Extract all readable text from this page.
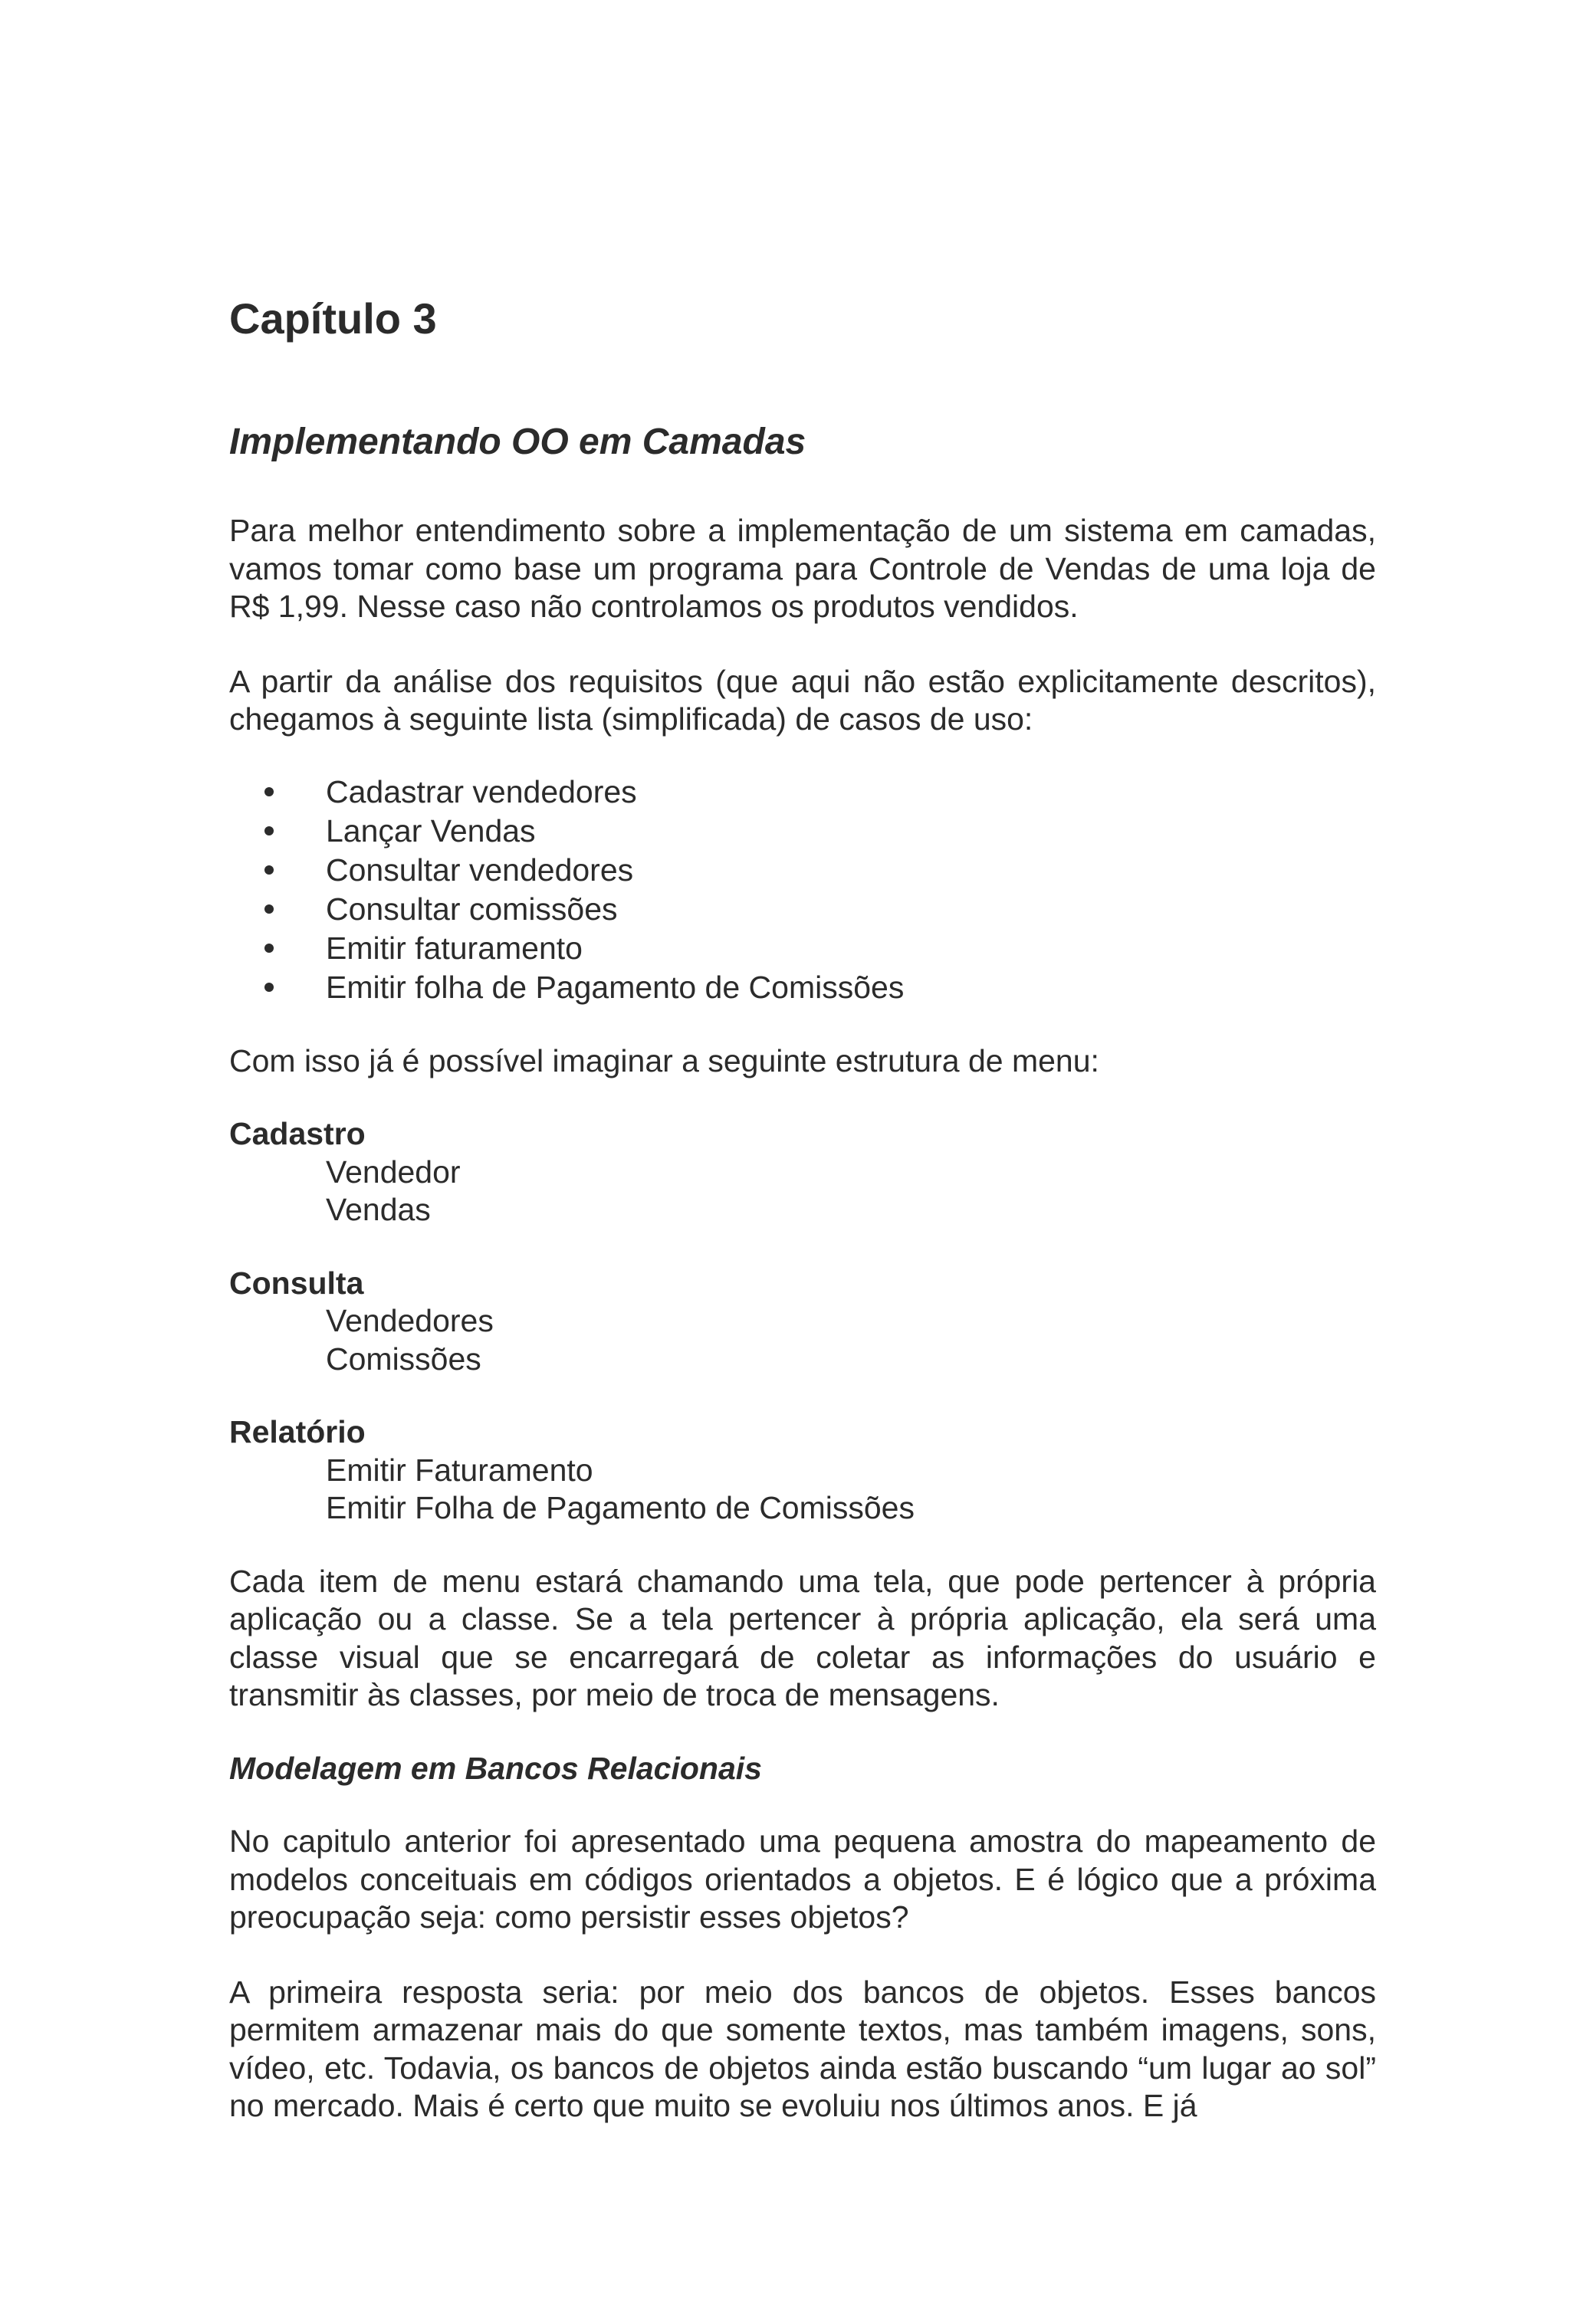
Capítulo 3
Implementando OO em Camadas

Para melhor entendimento sobre a implementação de um sistema em camadas, vamos tomar como base um programa para Controle de Vendas de uma loja de R$ 1,99. Nesse caso não controlamos os produtos vendidos.

A partir da análise dos requisitos (que aqui não estão explicitamente descritos), chegamos à seguinte lista (simplificada) de casos de uso:

Cadastrar vendedores
Lançar Vendas
Consultar vendedores
Consultar comissões
Emitir faturamento
Emitir folha de Pagamento de Comissões

Com isso já é possível imaginar a seguinte estrutura de menu:

Cadastro

Vendedor

Vendas

Consulta

Vendedores

Comissões

Relatório

Emitir Faturamento

Emitir Folha de Pagamento de Comissões

Cada item de menu estará chamando uma tela, que pode pertencer à própria aplicação ou a classe. Se a tela pertencer à própria aplicação, ela será uma classe visual que se encarregará de coletar as informações do usuário e transmitir às classes, por meio de troca de mensagens.

Modelagem em Bancos Relacionais

No capitulo anterior foi apresentado uma pequena amostra do mapeamento de modelos conceituais em códigos orientados a objetos. E é lógico que a próxima preocupação seja: como persistir esses objetos?

A primeira resposta seria: por meio dos bancos de objetos. Esses bancos permitem armazenar mais do que somente textos, mas também imagens, sons, vídeo, etc. Todavia, os bancos de objetos ainda estão buscando “um lugar ao sol” no mercado. Mais é certo que muito se evoluiu nos últimos anos. E já
